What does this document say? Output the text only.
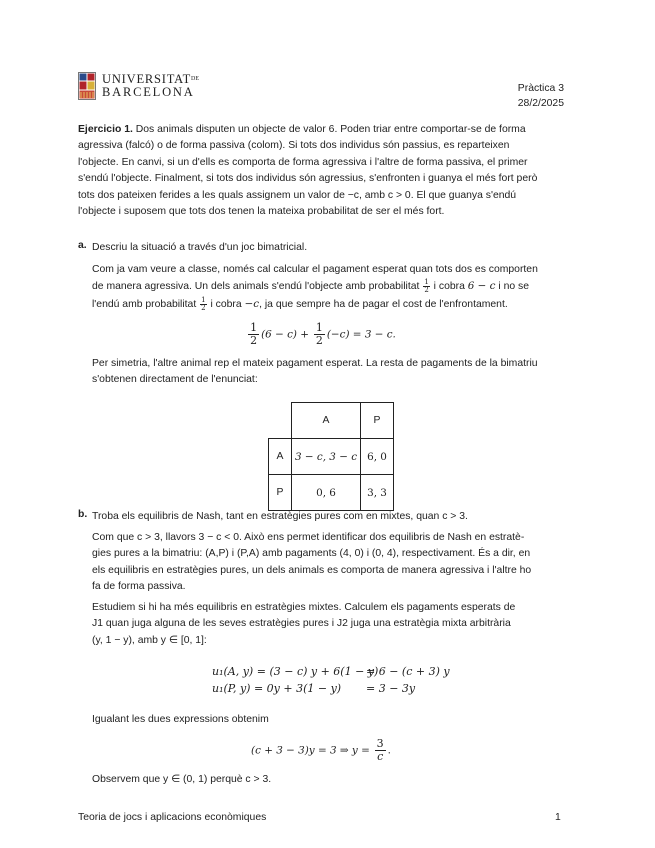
$UNIVERSITAT^{DE}$
BARCELONA	Pràctica 3
28/2/2025
Ejercicio 1. Dos animals disputen un objecte de valor 6. Poden triar entre comportar-se de forma
agressiva (falcó) o de forma passiva (colom). Si tots dos individus són passius, es reparteixen
l'objecte. En canvi, si un d'ells es comporta de forma agressiva i l'altre de forma passiva, el primer
s'endú l'objecte. Finalment, si tots dos individus són agressius, s'enfronten i guanya el més fort però
tots dos pateixen ferides a les quals assignem un valor de −c, amb c > 0. El que guanya s'endú
l'objecte i suposem que tots dos tenen la mateixa probabilitat de ser el més fort.
a. Descriu la situació a través d'un joc bimatricial.
Com ja vam veure a classe, només cal calcular el pagament esperat quan tots dos es comporten
de manera agressiva. Un dels animals s'endú l'objecte amb probabilitat $\frac{1}{2}$ i cobra 6 − c i no se
l'endú amb probabilitat $\frac{1}{2}$ i cobra −c, ja que sempre ha de pagar el cost de l'enfrontament.
$\frac{1}{2} (6 - c) + \frac{1}{2} (-c) = 3 - c$.
Per simetria, l'altre animal rep el mateix pagament esperat. La resta de pagaments de la bimatriu
s'obtenen directament de l'enunciat:
	A	P
A	3 − c, 3 − c	6, 0
P	0, 6	3, 3
b. Troba els equilibris de Nash, tant en estratègies pures com en mixtes, quan c > 3.
Com que c > 3, llavors 3 − c < 0. Això ens permet identificar dos equilibris de Nash en estratè-
gies pures a la bimatriu: (A,P) i (P,A) amb pagaments (4, 0) i (0, 4), respectivament. És a dir, en
els equilibris en estratègies pures, un dels animals es comporta de manera agressiva i l'altre ho
fa de forma passiva.
Estudiem si hi ha més equilibris en estratègies mixtes. Calculem els pagaments esperats de
J1 quan juga alguna de les seves estratègies pures i J2 juga una estratègia mixta arbitrària
(y, 1 − y), amb y ∈ [0, 1]:
u₁(A, y) = (3 − c) y + 6(1 − y)= 6 − (c + 3) y
u₁(P, y) = 0y + 3(1 − y) = 3 − 3y
Igualant les dues expressions obtenim
(c + 3 − 3)y = 3 ⇒ $y = \frac{3}{c}$ .
Observem que y ∈ (0, 1) perquè c > 3.
Teoria de jocs i aplicacions econòmiques	1
